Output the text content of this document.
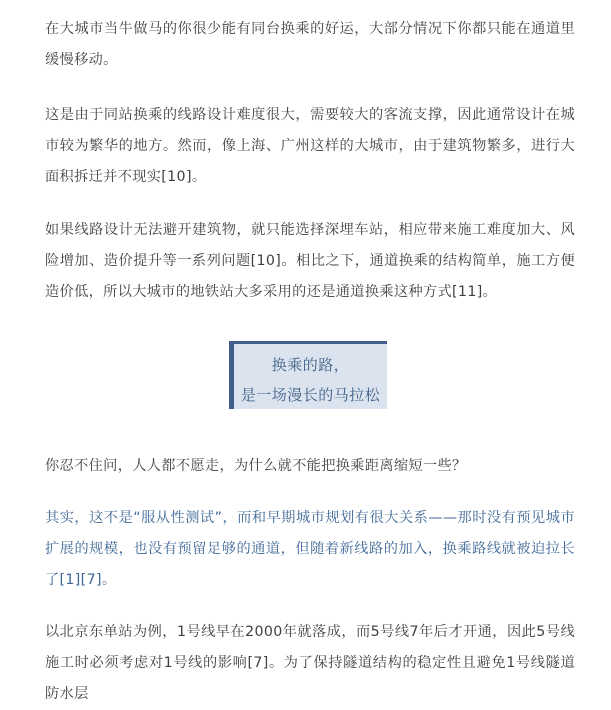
在大城市当牛做马的你很少能有同台换乘的好运，大部分情况下你都只能在通道里缓慢移动。

这是由于同站换乘的线路设计难度很大，需要较大的客流支撑，因此通常设计在城市较为繁华的地方。然而，像上海、广州这样的大城市，由于建筑物繁多，进行大面积拆迁并不现实[10]。

如果线路设计无法避开建筑物，就只能选择深埋车站，相应带来施工难度加大、风险增加、造价提升等一系列问题[10]。相比之下，通道换乘的结构简单，施工方便造价低，所以大城市的地铁站大多采用的还是通道换乘这种方式[11]。

换乘的路，
是一场漫长的马拉松

你忍不住问，人人都不愿走，为什么就不能把换乘距离缩短一些？

其实，这不是“服从性测试”，而和早期城市规划有很大关系——那时没有预见城市扩展的规模，也没有预留足够的通道，但随着新线路的加入，换乘路线就被迫拉长了[1][7]。

以北京东单站为例，1号线早在2000年就落成，而5号线7年后才开通，因此5号线施工时必须考虑对1号线的影响[7]。为了保持隧道结构的稳定性且避免1号线隧道防水层
